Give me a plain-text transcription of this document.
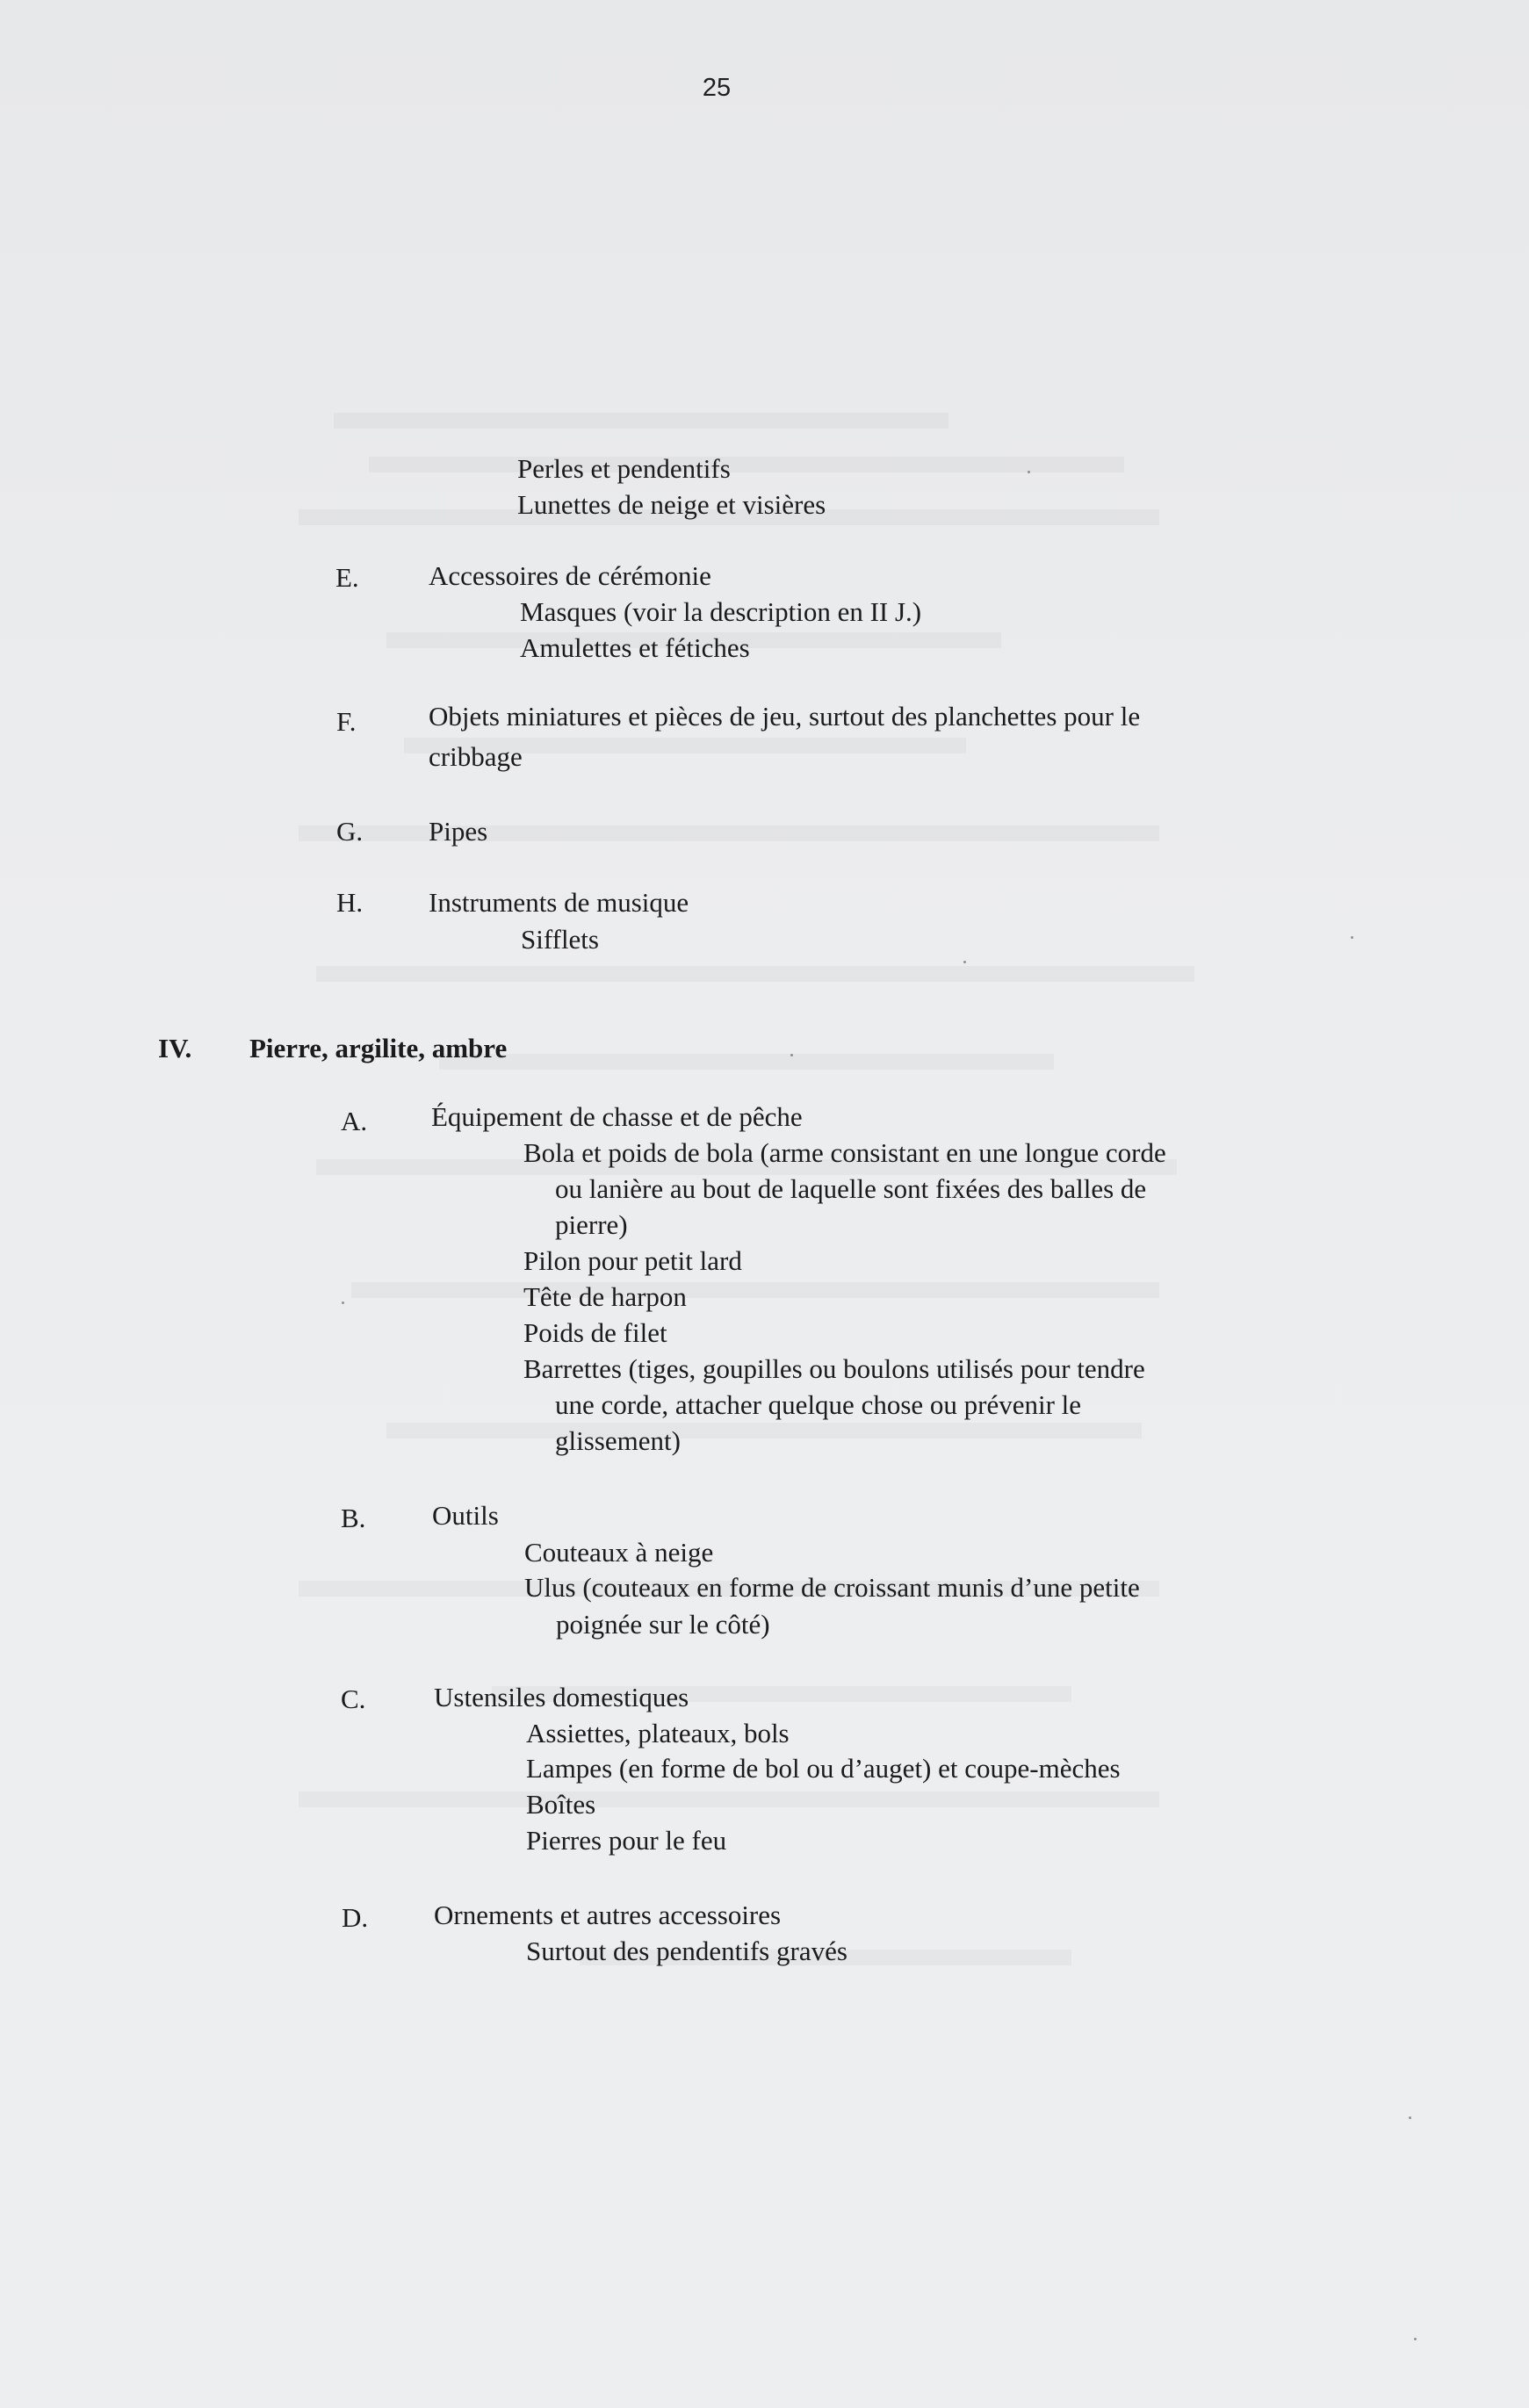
25
Perles et pendentifs
Lunettes de neige et visières
E.	Accessoires de cérémonie
Masques (voir la description en II J.)
Amulettes et fétiches
F.	Objets miniatures et pièces de jeu, surtout des planchettes pour le
cribbage
G. Pipes
H. Instruments de musique
Sifflets
IV. Pierre, argilite, ambre
A. Équipement de chasse et de pêche
Bola et poids de bola (arme consistant en une longue corde
ou lanière au bout de laquelle sont fixées des balles de
pierre)
Pilon pour petit lard
Tête de harpon
Poids de filet
Barrettes (tiges, goupilles ou boulons utilisés pour tendre
une corde, attacher quelque chose ou prévenir le
glissement)
B. Outils
Couteaux à neige
Ulus (couteaux en forme de croissant munis d’une petite
poignée sur le côté)
C.	Ustensiles domestiques
Assiettes, plateaux, bols
Lampes (en forme de bol ou d’auget) et coupe-mèches
Boîtes
Pierres pour le feu
D. Ornements et autres accessoires
Surtout des pendentifs gravés
